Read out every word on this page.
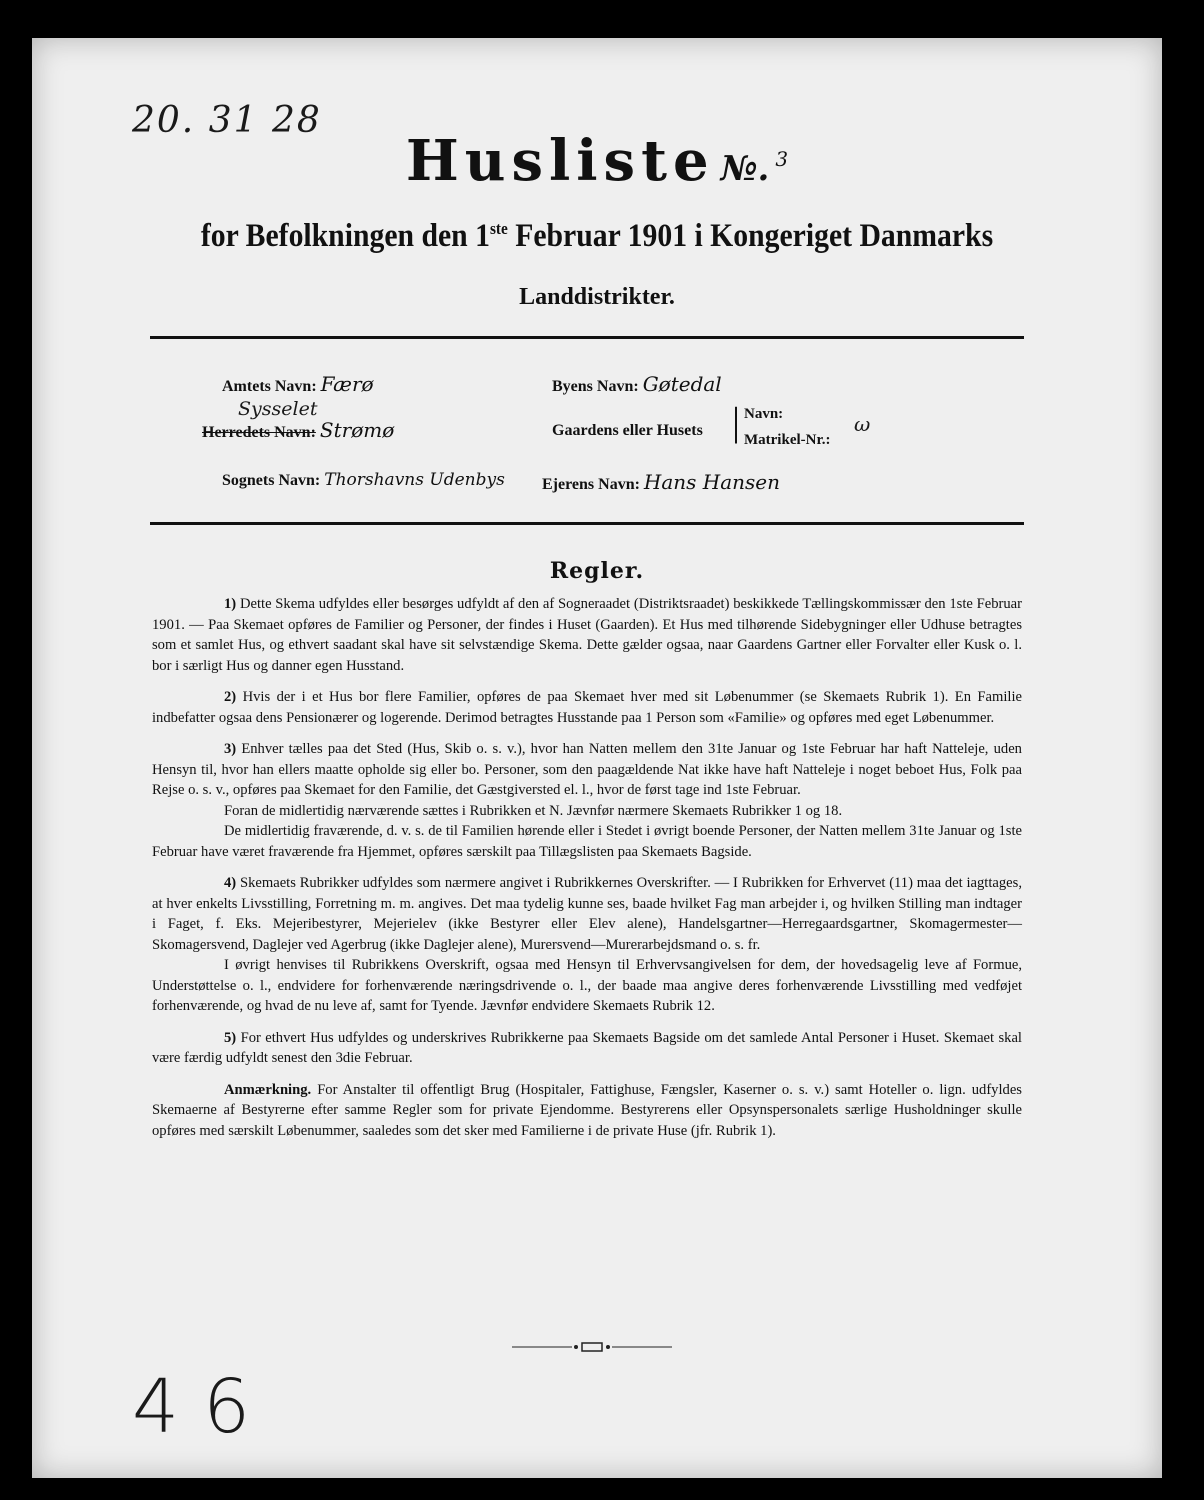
20. 31 28
Husliste №. $^3$
for Befolkningen den 1ste Februar 1901 i Kongeriget Danmarks
Landdistrikter.
Amtets Navn: Færø
Sysselet
Herredets Navn: Strømø
Sognets Navn: Thorshavns Udenbys
Byens Navn: Gøtedal
Gaardens eller Husets | Navn:
Matrikel-Nr.:
ω
Ejerens Navn: Hans Hansen
Regler.

1) Dette Skema udfyldes eller besørges udfyldt af den af Sogneraadet (Distriktsraadet) beskikkede Tællingskommissær den 1ste Februar 1901. — Paa Skemaet opføres de Familier og Personer, der findes i Huset (Gaarden). Et Hus med tilhørende Sidebygninger eller Udhuse betragtes som et samlet Hus, og ethvert saadant skal have sit selvstændige Skema. Dette gælder ogsaa, naar Gaardens Gartner eller Forvalter eller Kusk o. l. bor i særligt Hus og danner egen Husstand.

2) Hvis der i et Hus bor flere Familier, opføres de paa Skemaet hver med sit Løbenummer (se Skemaets Rubrik 1). En Familie indbefatter ogsaa dens Pensionærer og logerende. Derimod betragtes Husstande paa 1 Person som «Familie» og opføres med eget Løbenummer.

3) Enhver tælles paa det Sted (Hus, Skib o. s. v.), hvor han Natten mellem den 31te Januar og 1ste Februar har haft Natteleje, uden Hensyn til, hvor han ellers maatte opholde sig eller bo. Personer, som den paagældende Nat ikke have haft Natteleje i noget beboet Hus, Folk paa Rejse o. s. v., opføres paa Skemaet for den Familie, det Gæstgiversted el. l., hvor de først tage ind 1ste Februar.

Foran de midlertidig nærværende sættes i Rubrikken et N. Jævnfør nærmere Skemaets Rubrikker 1 og 18.

De midlertidig fraværende, d. v. s. de til Familien hørende eller i Stedet i øvrigt boende Personer, der Natten mellem 31te Januar og 1ste Februar have været fraværende fra Hjemmet, opføres særskilt paa Tillægslisten paa Skemaets Bagside.

4) Skemaets Rubrikker udfyldes som nærmere angivet i Rubrikkernes Overskrifter. — I Rubrikken for Erhvervet (11) maa det iagttages, at hver enkelts Livsstilling, Forretning m. m. angives. Det maa tydelig kunne ses, baade hvilket Fag man arbejder i, og hvilken Stilling man indtager i Faget, f. Eks. Mejeribestyrer, Mejerielev (ikke Bestyrer eller Elev alene), Handelsgartner—Herregaardsgartner, Skomagermester—Skomagersvend, Daglejer ved Agerbrug (ikke Daglejer alene), Murersvend—Murerarbejdsmand o. s. fr.

I øvrigt henvises til Rubrikkens Overskrift, ogsaa med Hensyn til Erhvervsangivelsen for dem, der hovedsagelig leve af Formue, Understøttelse o. l., endvidere for forhenværende næringsdrivende o. l., der baade maa angive deres forhenværende Livsstilling med vedføjet forhenværende, og hvad de nu leve af, samt for Tyende. Jævnfør endvidere Skemaets Rubrik 12.

5) For ethvert Hus udfyldes og underskrives Rubrikkerne paa Skemaets Bagside om det samlede Antal Personer i Huset. Skemaet skal være færdig udfyldt senest den 3die Februar.

Anmærkning. For Anstalter til offentligt Brug (Hospitaler, Fattighuse, Fængsler, Kaserner o. s. v.) samt Hoteller o. lign. udfyldes Skemaerne af Bestyrerne efter samme Regler som for private Ejendomme. Bestyrerens eller Opsynspersonalets særlige Husholdninger skulle opføres med særskilt Løbenummer, saaledes som det sker med Familierne i de private Huse (jfr. Rubrik 1).

46
